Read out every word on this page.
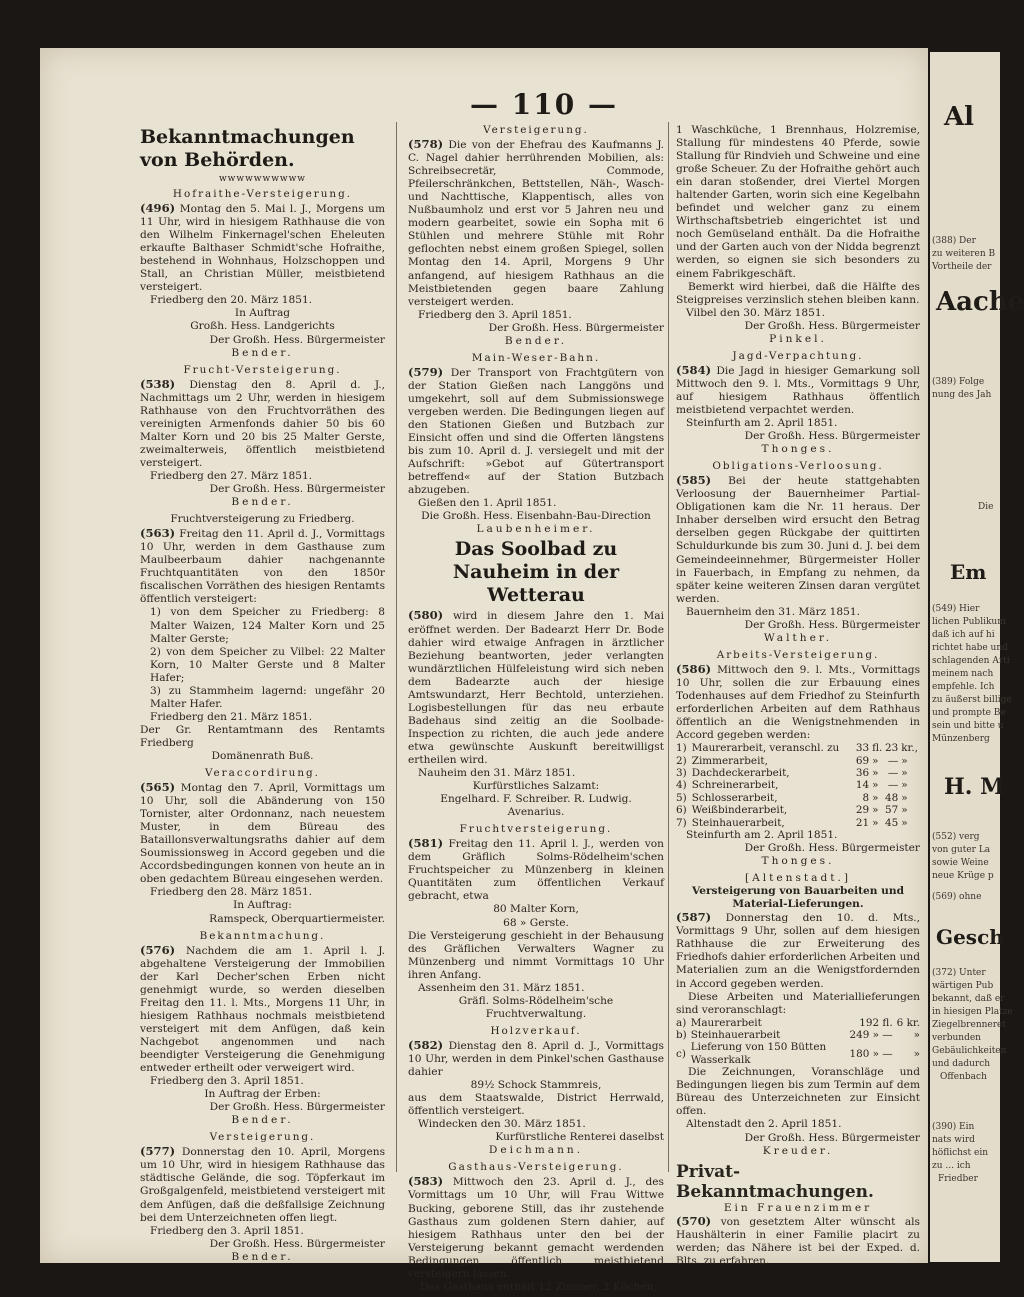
Al
(388) Der
zu weiteren B
Vortheile der
Aache
(389) Folge
nung des Jah
Die
Em
(549) Hier
lichen Publikum
daß ich auf hi
richtet habe und
schlagenden Arti
meinem nach
empfehle. Ich
zu äußerst billige
und prompte Be
sein und bitte u
Münzenberg
H. M
(552) verg
von guter La
sowie Weine
neue Krüge p
(569) ohne
Gesch
(372) Unter
wärtigen Pub
bekannt, daß er
in hiesigen Platze
Ziegelbrenneret
verbunden
Gebäulichkeiten
und dadurch
Offenbach
(390) Ein
nats wird
höflichst ein
zu ... ich
Friedber
— 110 —
Bekanntmachungen von Behörden.
wwwwwwwwww
Hofraithe-Versteigerung.

(496) Montag den 5. Mai l. J., Morgens um 11 Uhr, wird in hiesigem Rathhause die von den Wilhelm Finkernagel'schen Eheleuten erkaufte Balthaser Schmidt'sche Hofraithe, bestehend in Wohnhaus, Holzschoppen und Stall, an Christian Müller, meistbietend versteigert.

Friedberg den 20. März 1851.

In Auftrag

Großh. Hess. Landgerichts

Der Großh. Hess. Bürgermeister

Bender.

Frucht-Versteigerung.

(538) Dienstag den 8. April d. J., Nachmittags um 2 Uhr, werden in hiesigem Rathhause von den Fruchtvorräthen des vereinigten Armenfonds dahier 50 bis 60 Malter Korn und 20 bis 25 Malter Gerste, zweimalterweis, öffentlich meistbietend versteigert.

Friedberg den 27. März 1851.

Der Großh. Hess. Bürgermeister

Bender.

Fruchtversteigerung zu Friedberg.

(563) Freitag den 11. April d. J., Vormittags 10 Uhr, werden in dem Gasthause zum Maulbeerbaum dahier nachgenannte Fruchtquantitäten von den 1850r fiscalischen Vorräthen des hiesigen Rentamts öffentlich versteigert:

1) von dem Speicher zu Friedberg: 8 Malter Waizen, 124 Malter Korn und 25 Malter Gerste;

2) von dem Speicher zu Vilbel: 22 Malter Korn, 10 Malter Gerste und 8 Malter Hafer;

3) zu Stammheim lagernd: ungefähr 20 Malter Hafer.

Friedberg den 21. März 1851.

Der Gr. Rentamtmann des Rentamts Friedberg

Domänenrath Buß.

Veraccordirung.

(565) Montag den 7. April, Vormittags um 10 Uhr, soll die Abänderung von 150 Tornister, alter Ordonnanz, nach neuestem Muster, in dem Büreau des Bataillonsverwaltungsraths dahier auf dem Soumissionsweg in Accord gegeben und die Accordsbedingungen konnen von heute an in oben gedachtem Büreau eingesehen werden.

Friedberg den 28. März 1851.

In Auftrag:

Ramspeck, Oberquartiermeister.

Bekanntmachung.

(576) Nachdem die am 1. April l. J. abgehaltene Versteigerung der Immobilien der Karl Decher'schen Erben nicht genehmigt wurde, so werden dieselben Freitag den 11. l. Mts., Morgens 11 Uhr, in hiesigem Rathhaus nochmals meistbietend versteigert mit dem Anfügen, daß kein Nachgebot angenommen und nach beendigter Versteigerung die Genehmigung entweder ertheilt oder verweigert wird.

Friedberg den 3. April 1851.

In Auftrag der Erben:

Der Großh. Hess. Bürgermeister

Bender.

Versteigerung.

(577) Donnerstag den 10. April, Morgens um 10 Uhr, wird in hiesigem Rathhause das städtische Gelände, die sog. Töpferkaut im Großgalgenfeld, meistbietend versteigert mit dem Anfügen, daß die deßfallsige Zeichnung bei dem Unterzeichneten offen liegt.

Friedberg den 3. April 1851.

Der Großh. Hess. Bürgermeister

Bender.

Versteigerung.

(578) Die von der Ehefrau des Kaufmanns J. C. Nagel dahier herrührenden Mobilien, als: Schreibsecretär, Commode, Pfeilerschränkchen, Bettstellen, Näh-, Wasch- und Nachttische, Klappentisch, alles von Nußbaumholz und erst vor 5 Jahren neu und modern gearbeitet, sowie ein Sopha mit 6 Stühlen und mehrere Stühle mit Rohr geflochten nebst einem großen Spiegel, sollen Montag den 14. April, Morgens 9 Uhr anfangend, auf hiesigem Rathhaus an die Meistbietenden gegen baare Zahlung versteigert werden.

Friedberg den 3. April 1851.

Der Großh. Hess. Bürgermeister

Bender.

Main-Weser-Bahn.

(579) Der Transport von Frachtgütern von der Station Gießen nach Langgöns und umgekehrt, soll auf dem Submissionswege vergeben werden. Die Bedingungen liegen auf den Stationen Gießen und Butzbach zur Einsicht offen und sind die Offerten längstens bis zum 10. April d. J. versiegelt und mit der Aufschrift: »Gebot auf Gütertransport betreffend« auf der Station Butzbach abzugeben.

Gießen den 1. April 1851.

Die Großh. Hess. Eisenbahn-Bau-Direction

Laubenheimer.

Das Soolbad zu Nauheim in der Wetterau

(580) wird in diesem Jahre den 1. Mai eröffnet werden. Der Badearzt Herr Dr. Bode dahier wird etwaige Anfragen in ärztlicher Beziehung beantworten, jeder verlangten wundärztlichen Hülfeleistung wird sich neben dem Badearzte auch der hiesige Amtswundarzt, Herr Bechtold, unterziehen. Logisbestellungen für das neu erbaute Badehaus sind zeitig an die Soolbade-Inspection zu richten, die auch jede andere etwa gewünschte Auskunft bereitwilligst ertheilen wird.

Nauheim den 31. März 1851.

Kurfürstliches Salzamt:

Engelhard. F. Schreiber. R. Ludwig.

Avenarius.

Fruchtversteigerung.

(581) Freitag den 11. April l. J., werden von dem Gräflich Solms-Rödelheim'schen Fruchtspeicher zu Münzenberg in kleinen Quantitäten zum öffentlichen Verkauf gebracht, etwa

80 Malter Korn,

68 » Gerste.

Die Versteigerung geschieht in der Behausung des Gräflichen Verwalters Wagner zu Münzenberg und nimmt Vormittags 10 Uhr ihren Anfang.

Assenheim den 31. März 1851.

Gräfl. Solms-Rödelheim'sche Fruchtverwaltung.

Holzverkauf.

(582) Dienstag den 8. April d. J., Vormittags 10 Uhr, werden in dem Pinkel'schen Gasthause dahier

89½ Schock Stammreis,

aus dem Staatswalde, District Herrwald, öffentlich versteigert.

Windecken den 30. März 1851.

Kurfürstliche Renterei daselbst

Deichmann.

Gasthaus-Versteigerung.

(583) Mittwoch den 23. April d. J., des Vormittags um 10 Uhr, will Frau Wittwe Bucking, geborene Still, das ihr zustehende Gasthaus zum goldenen Stern dahier, auf hiesigem Rathhaus unter den bei der Versteigerung bekannt gemacht werdenden Bedingungen öffentlich meistbietend versteigern lassen.

Das Gasthaus enthält 12 Zimmer, 2 Küchen,

1 Waschküche, 1 Brennhaus, Holzremise, Stallung für mindestens 40 Pferde, sowie Stallung für Rindvieh und Schweine und eine große Scheuer. Zu der Hofraithe gehört auch ein daran stoßender, drei Viertel Morgen haltender Garten, worin sich eine Kegelbahn befindet und welcher ganz zu einem Wirthschaftsbetrieb eingerichtet ist und noch Gemüseland enthält. Da die Hofraithe und der Garten auch von der Nidda begrenzt werden, so eignen sie sich besonders zu einem Fabrikgeschäft.

Bemerkt wird hierbei, daß die Hälfte des Steigpreises verzinslich stehen bleiben kann.

Vilbel den 30. März 1851.

Der Großh. Hess. Bürgermeister

Pinkel.

Jagd-Verpachtung.

(584) Die Jagd in hiesiger Gemarkung soll Mittwoch den 9. l. Mts., Vormittags 9 Uhr, auf hiesigem Rathhaus öffentlich meistbietend verpachtet werden.

Steinfurth am 2. April 1851.

Der Großh. Hess. Bürgermeister

Thonges.

Obligations-Verloosung.

(585) Bei der heute stattgehabten Verloosung der Bauernheimer Partial-Obligationen kam die Nr. 11 heraus. Der Inhaber derselben wird ersucht den Betrag derselben gegen Rückgabe der quittirten Schuldurkunde bis zum 30. Juni d. J. bei dem Gemeindeeinnehmer, Bürgermeister Holler in Fauerbach, in Empfang zu nehmen, da später keine weiteren Zinsen daran vergütet werden.

Bauernheim den 31. März 1851.

Der Großh. Hess. Bürgermeister

Walther.

Arbeits-Versteigerung.

(586) Mittwoch den 9. l. Mts., Vormittags 10 Uhr, sollen die zur Erbauung eines Todenhauses auf dem Friedhof zu Steinfurth erforderlichen Arbeiten auf dem Rathhaus öffentlich an die Wenigstnehmenden in Accord gegeben werden:

1)	Maurerarbeit, veranschl. zu	33	fl.	23	kr.,
2)	Zimmerarbeit,	69	»	—	»
3)	Dachdeckerarbeit,	36	»	—	»
4)	Schreinerarbeit,	14	»	—	»
5)	Schlosserarbeit,	8	»	48	»
6)	Weißbinderarbeit,	29	»	57	»
7)	Steinhauerarbeit,	21	»	45	»

Steinfurth am 2. April 1851.

Der Großh. Hess. Bürgermeister

Thonges.

[Altenstadt.]

Versteigerung von Bauarbeiten und Material-Lieferungen.

(587) Donnerstag den 10. d. Mts., Vormittags 9 Uhr, sollen auf dem hiesigen Rathhause die zur Erweiterung des Friedhofs dahier erforderlichen Arbeiten und Materialien zum an die Wenigstfordernden in Accord gegeben werden.

Diese Arbeiten und Materiallieferungen sind veroranschlagt:

a)	Maurerarbeit	192 fl.	6 kr.
b)	Steinhauerarbeit	249 » —	»
c)	Lieferung von 150 Bütten Wasserkalk	180 » —	»

Die Zeichnungen, Voranschläge und Bedingungen liegen bis zum Termin auf dem Büreau des Unterzeichneten zur Einsicht offen.

Altenstadt den 2. April 1851.

Der Großh. Hess. Bürgermeister

Kreuder.

Privat-Bekanntmachungen.

Ein Frauenzimmer

(570) von gesetztem Alter wünscht als Haushälterin in einer Familie placirt zu werden; das Nähere ist bei der Exped. d. Blts. zu erfahren.
